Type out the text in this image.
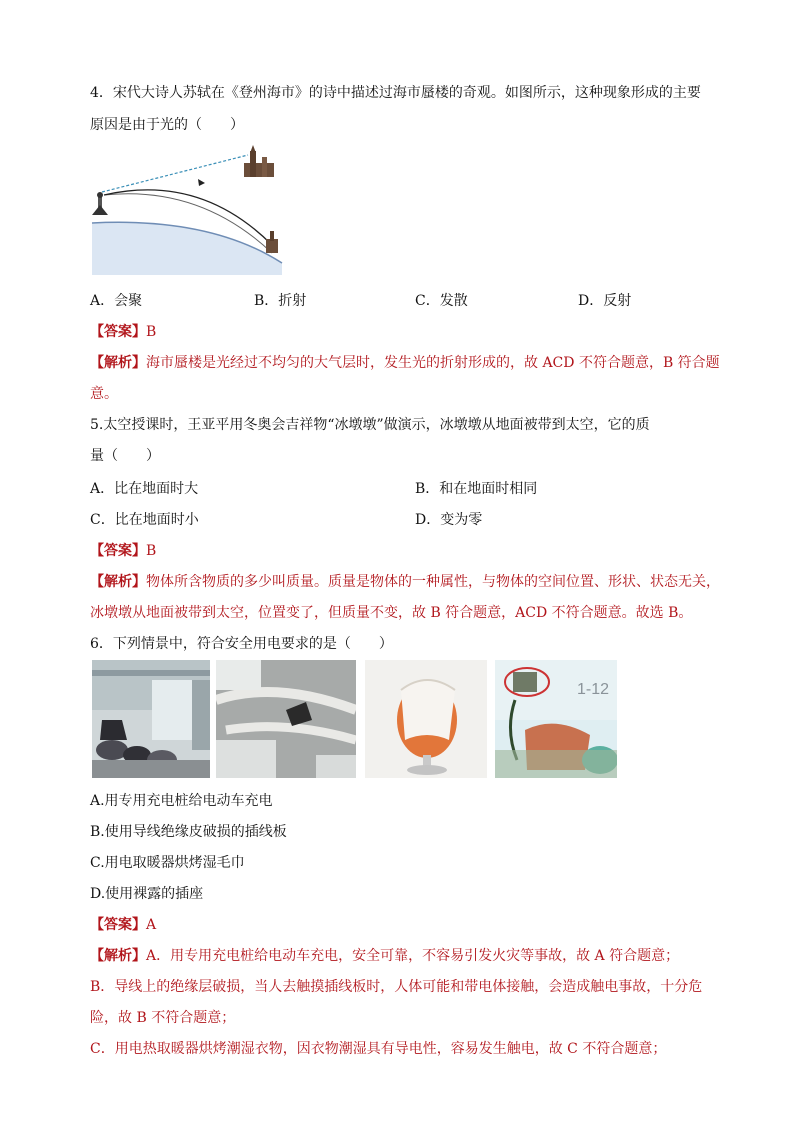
4．宋代大诗人苏轼在《登州海市》的诗中描述过海市蜃楼的奇观。如图所示，这种现象形成的主要
原因是由于光的（　　）
A．会聚	B．折射	C．发散	D．反射
【答案】B
【解析】海市蜃楼是光经过不均匀的大气层时，发生光的折射形成的，故 ACD 不符合题意，B 符合题
意。
5.太空授课时，王亚平用冬奥会吉祥物“冰墩墩”做演示，冰墩墩从地面被带到太空，它的质
量（　　）
A．比在地面时大	B．和在地面时相同
C．比在地面时小	D．变为零
【答案】B
【解析】物体所含物质的多少叫质量。质量是物体的一种属性，与物体的空间位置、形状、状态无关，
冰墩墩从地面被带到太空，位置变了，但质量不变，故 B 符合题意，ACD 不符合题意。故选 B。
6．下列情景中，符合安全用电要求的是（　　）
1-12
A.用专用充电桩给电动车充电
B.使用导线绝缘皮破损的插线板
C.用电取暖器烘烤湿毛巾
D.使用裸露的插座
【答案】A
【解析】A．用专用充电桩给电动车充电，安全可靠，不容易引发火灾等事故，故 A 符合题意；
B．导线上的绝缘层破损，当人去触摸插线板时，人体可能和带电体接触，会造成触电事故，十分危
险，故 B 不符合题意；
C．用电热取暖器烘烤潮湿衣物，因衣物潮湿具有导电性，容易发生触电，故 C 不符合题意；
